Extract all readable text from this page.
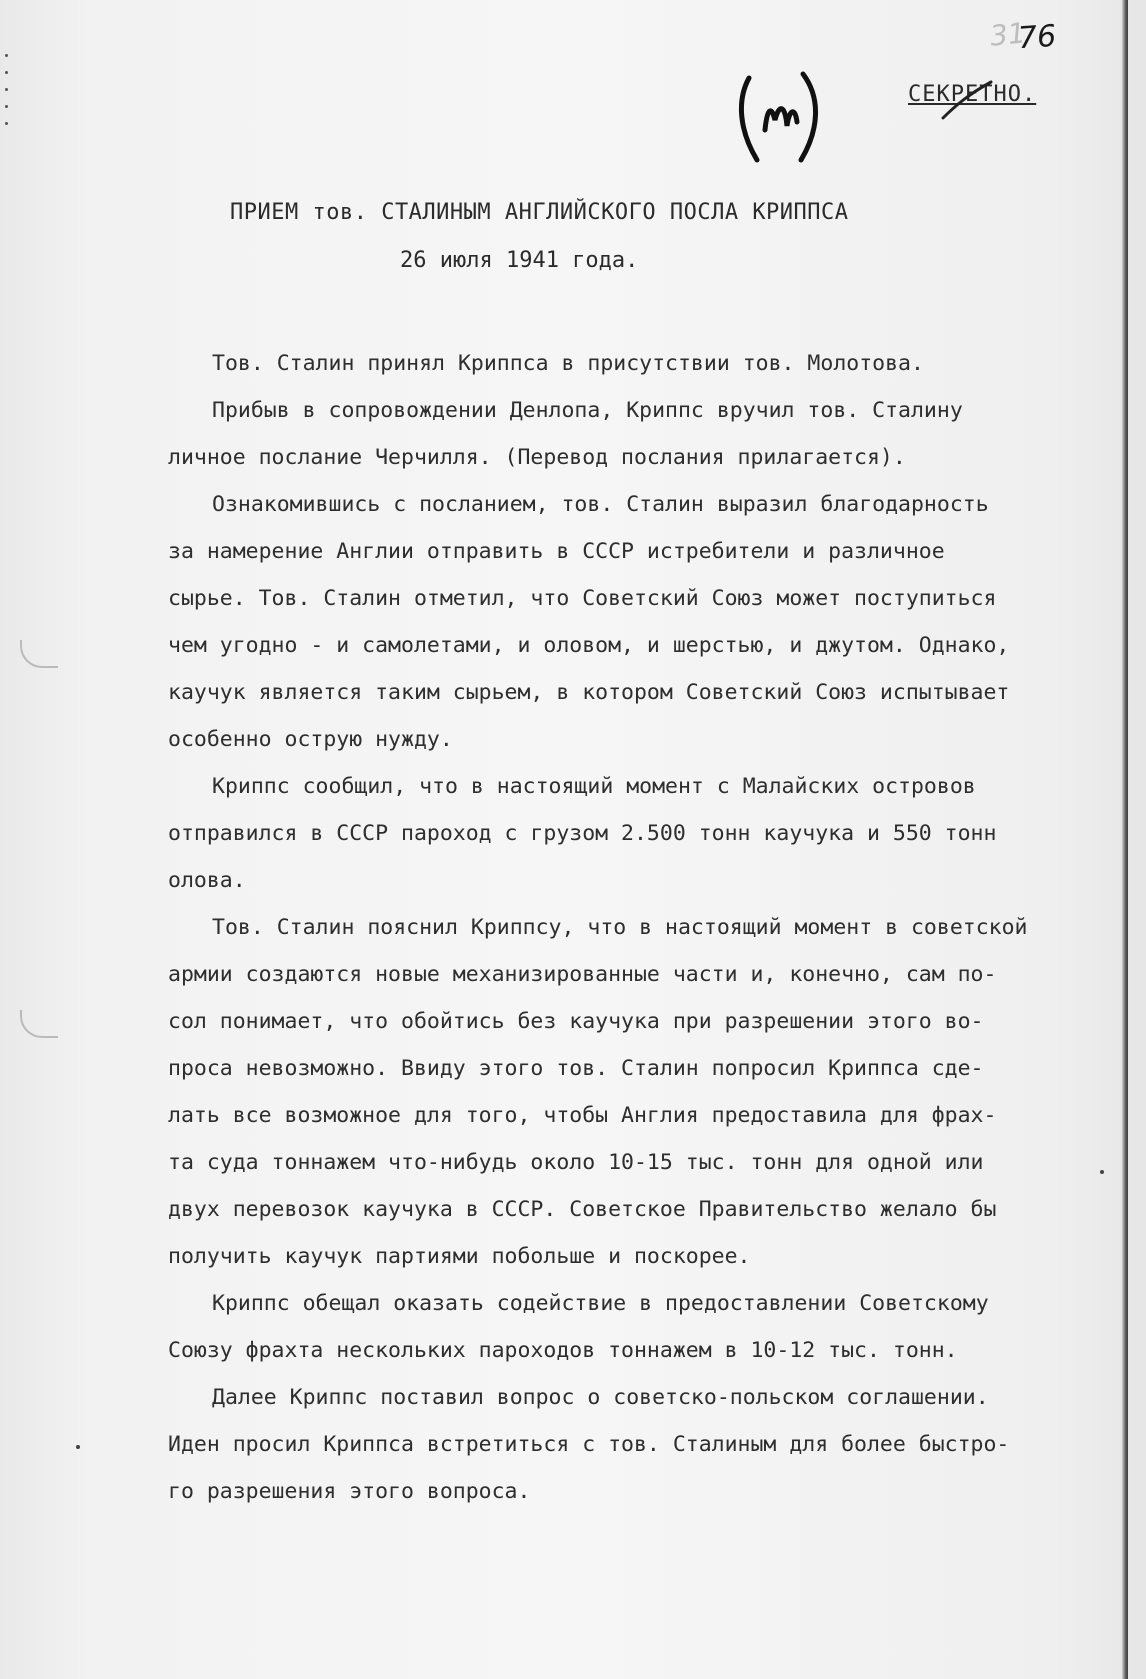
31
76
СЕКРЕТНО.
ПРИЕМ тов. СТАЛИНЫМ АНГЛИЙСКОГО ПОСЛА КРИППСА
26 июля 1941 года.
Тов. Сталин принял Криппса в присутствии тов. Молотова.
Прибыв в сопровождении Денлопа, Криппс вручил тов. Сталину
личное послание Черчилля. (Перевод послания прилагается).
Ознакомившись с посланием, тов. Сталин выразил благодарность
за намерение Англии отправить в СССР истребители и различное
сырье. Тов. Сталин отметил, что Советский Союз может поступиться
чем угодно - и самолетами, и оловом, и шерстью, и джутом. Однако,
каучук является таким сырьем, в котором Советский Союз испытывает
особенно острую нужду.
Криппс сообщил, что в настоящий момент с Малайских островов
отправился в СССР пароход с грузом 2.500 тонн каучука и 550 тонн
олова.
Тов. Сталин пояснил Криппсу, что в настоящий момент в советской
армии создаются новые механизированные части и, конечно, сам по-
сол понимает, что обойтись без каучука при разрешении этого во-
проса невозможно. Ввиду этого тов. Сталин попросил Криппса сде-
лать все возможное для того, чтобы Англия предоставила для фрах-
та суда тоннажем что-нибудь около 10-15 тыс. тонн для одной или
двух перевозок каучука в СССР. Советское Правительство желало бы
получить каучук партиями побольше и поскорее.
Криппс обещал оказать содействие в предоставлении Советскому
Союзу фрахта нескольких пароходов тоннажем в 10-12 тыс. тонн.
Далее Криппс поставил вопрос о советско-польском соглашении.
Иден просил Криппса встретиться с тов. Сталиным для более быстро-
го разрешения этого вопроса.
